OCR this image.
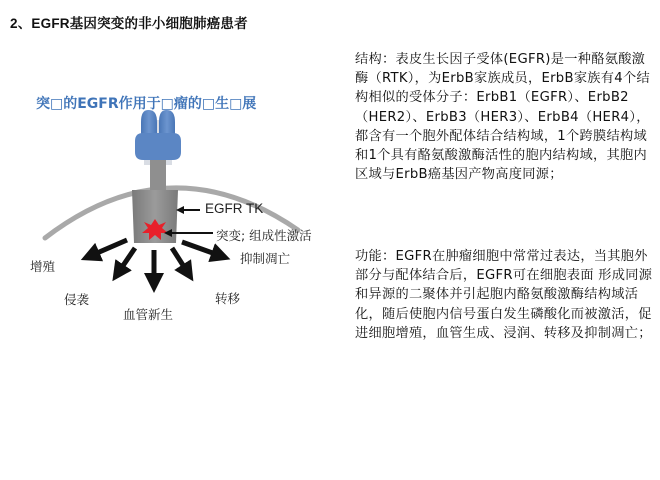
2、EGFR基因突变的非小细胞肺癌患者
突□的EGFR作用于□瘤的□生□展
EGFR TK
突变; 组成性激活
增殖
抑制凋亡
侵袭	转移
血管新生

结构：表皮生长因子受体(EGFR)是一种酪氨酸激酶（RTK），为ErbB家族成员，ErbB家族有4个结构相似的受体分子：ErbB1（EGFR）、ErbB2（HER2）、ErbB3（HER3）、ErbB4（HER4），都含有一个胞外配体结合结构域，1个跨膜结构域和1个具有酪氨酸激酶活性的胞内结构域，其胞内区域与ErbB癌基因产物高度同源；

功能：EGFR在肿瘤细胞中常常过表达，当其胞外部分与配体结合后，EGFR可在细胞表面 形成同源和异源的二聚体并引起胞内酪氨酸激酶结构域活化，随后使胞内信号蛋白发生磷酸化而被激活，促进细胞增殖，血管生成、浸润、转移及抑制凋亡；
